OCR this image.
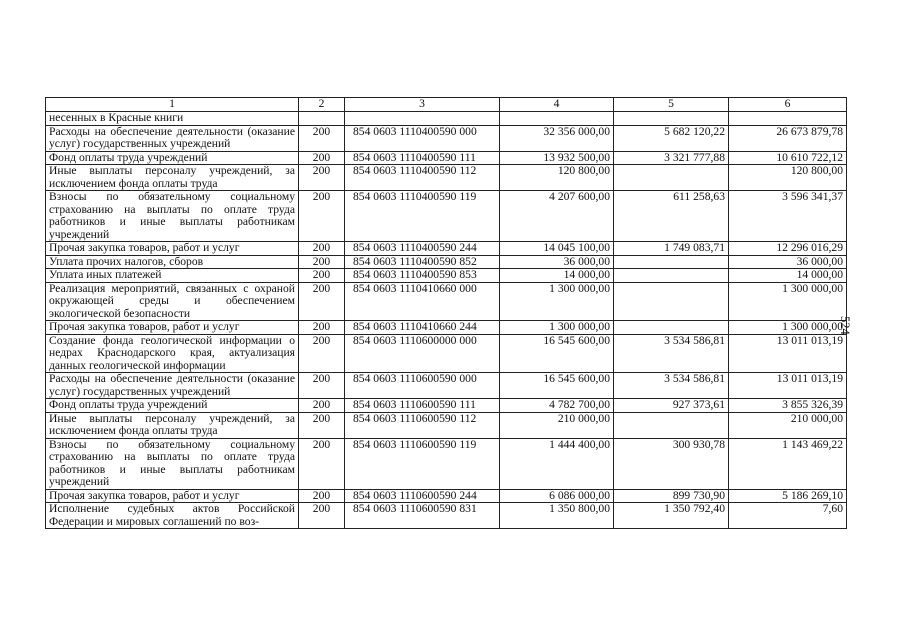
1	2	3	4	5	6
несенных в Красные книги					
Расходы на обеспечение деятельности (оказание услуг) государственных учреждений	200	854 0603 1110400590 000	32 356 000,00	5 682 120,22	26 673 879,78
Фонд оплаты труда учреждений	200	854 0603 1110400590 111	13 932 500,00	3 321 777,88	10 610 722,12
Иные выплаты персоналу учреждений, за исключением фонда оплаты труда	200	854 0603 1110400590 112	120 800,00		120 800,00
Взносы по обязательному социальному страхованию на выплаты по оплате труда работников и иные выплаты работникам учреждений	200	854 0603 1110400590 119	4 207 600,00	611 258,63	3 596 341,37
Прочая закупка товаров, работ и услуг	200	854 0603 1110400590 244	14 045 100,00	1 749 083,71	12 296 016,29
Уплата прочих налогов, сборов	200	854 0603 1110400590 852	36 000,00		36 000,00
Уплата иных платежей	200	854 0603 1110400590 853	14 000,00		14 000,00
Реализация мероприятий, связанных с охраной окружающей среды и обеспечением экологической безопасности	200	854 0603 1110410660 000	1 300 000,00		1 300 000,00
Прочая закупка товаров, работ и услуг	200	854 0603 1110410660 244	1 300 000,00		1 300 000,00
Создание фонда геологической информации о недрах Краснодарского края, актуализация данных геологической информации	200	854 0603 1110600000 000	16 545 600,00	3 534 586,81	13 011 013,19
Расходы на обеспечение деятельности (оказание услуг) государственных учреждений	200	854 0603 1110600590 000	16 545 600,00	3 534 586,81	13 011 013,19
Фонд оплаты труда учреждений	200	854 0603 1110600590 111	4 782 700,00	927 373,61	3 855 326,39
Иные выплаты персоналу учреждений, за исключением фонда оплаты труда	200	854 0603 1110600590 112	210 000,00		210 000,00
Взносы по обязательному социальному страхованию на выплаты по оплате труда работников и иные выплаты работникам учреждений	200	854 0603 1110600590 119	1 444 400,00	300 930,78	1 143 469,22
Прочая закупка товаров, работ и услуг	200	854 0603 1110600590 244	6 086 000,00	899 730,90	5 186 269,10
Исполнение судебных актов Российской Федерации и мировых соглашений по воз-	200	854 0603 1110600590 831	1 350 800,00	1 350 792,40	7,60
524
